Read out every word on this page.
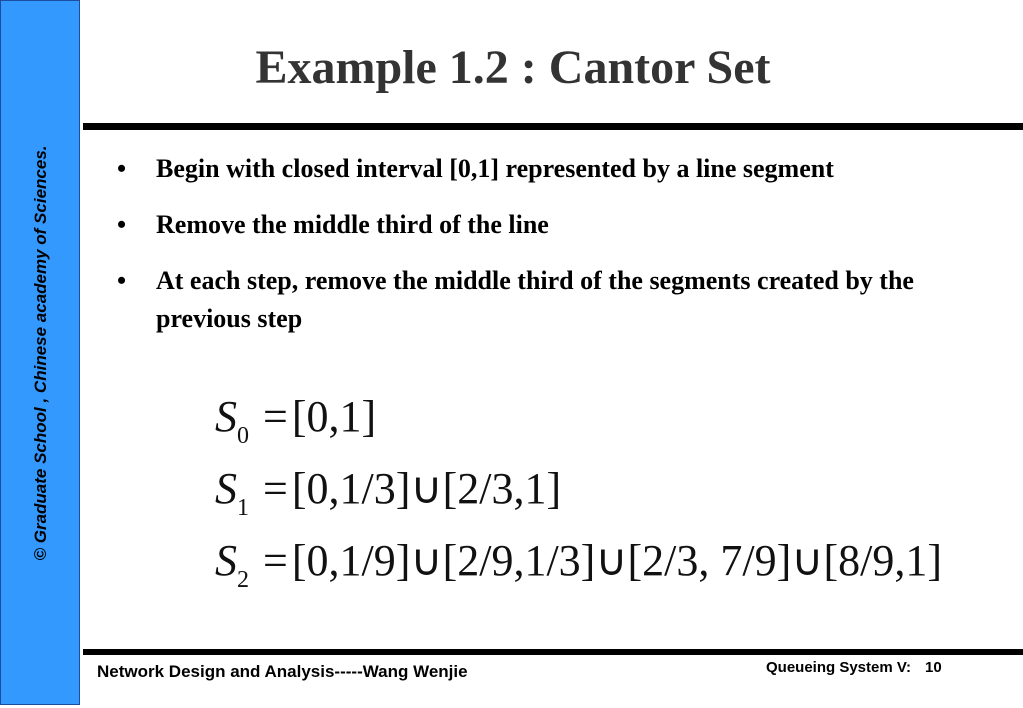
© Graduate School , Chinese academy of Sciences.
Example 1.2 : Cantor Set
• Begin with closed interval [0,1] represented by a line segment
• Remove the middle third of the line
• At each step, remove the middle third of the segments created by the previous step
$S_0 =[0,1]$
$S_1$ =[0,1/3]∪[2/3,1]
$S_2$ =[0,1/9]∪[2/9,1/3]∪[2/3, 7/9]∪[8/9,1]
Network Design and Analysis-----Wang Wenjie	Queueing System V: 10
